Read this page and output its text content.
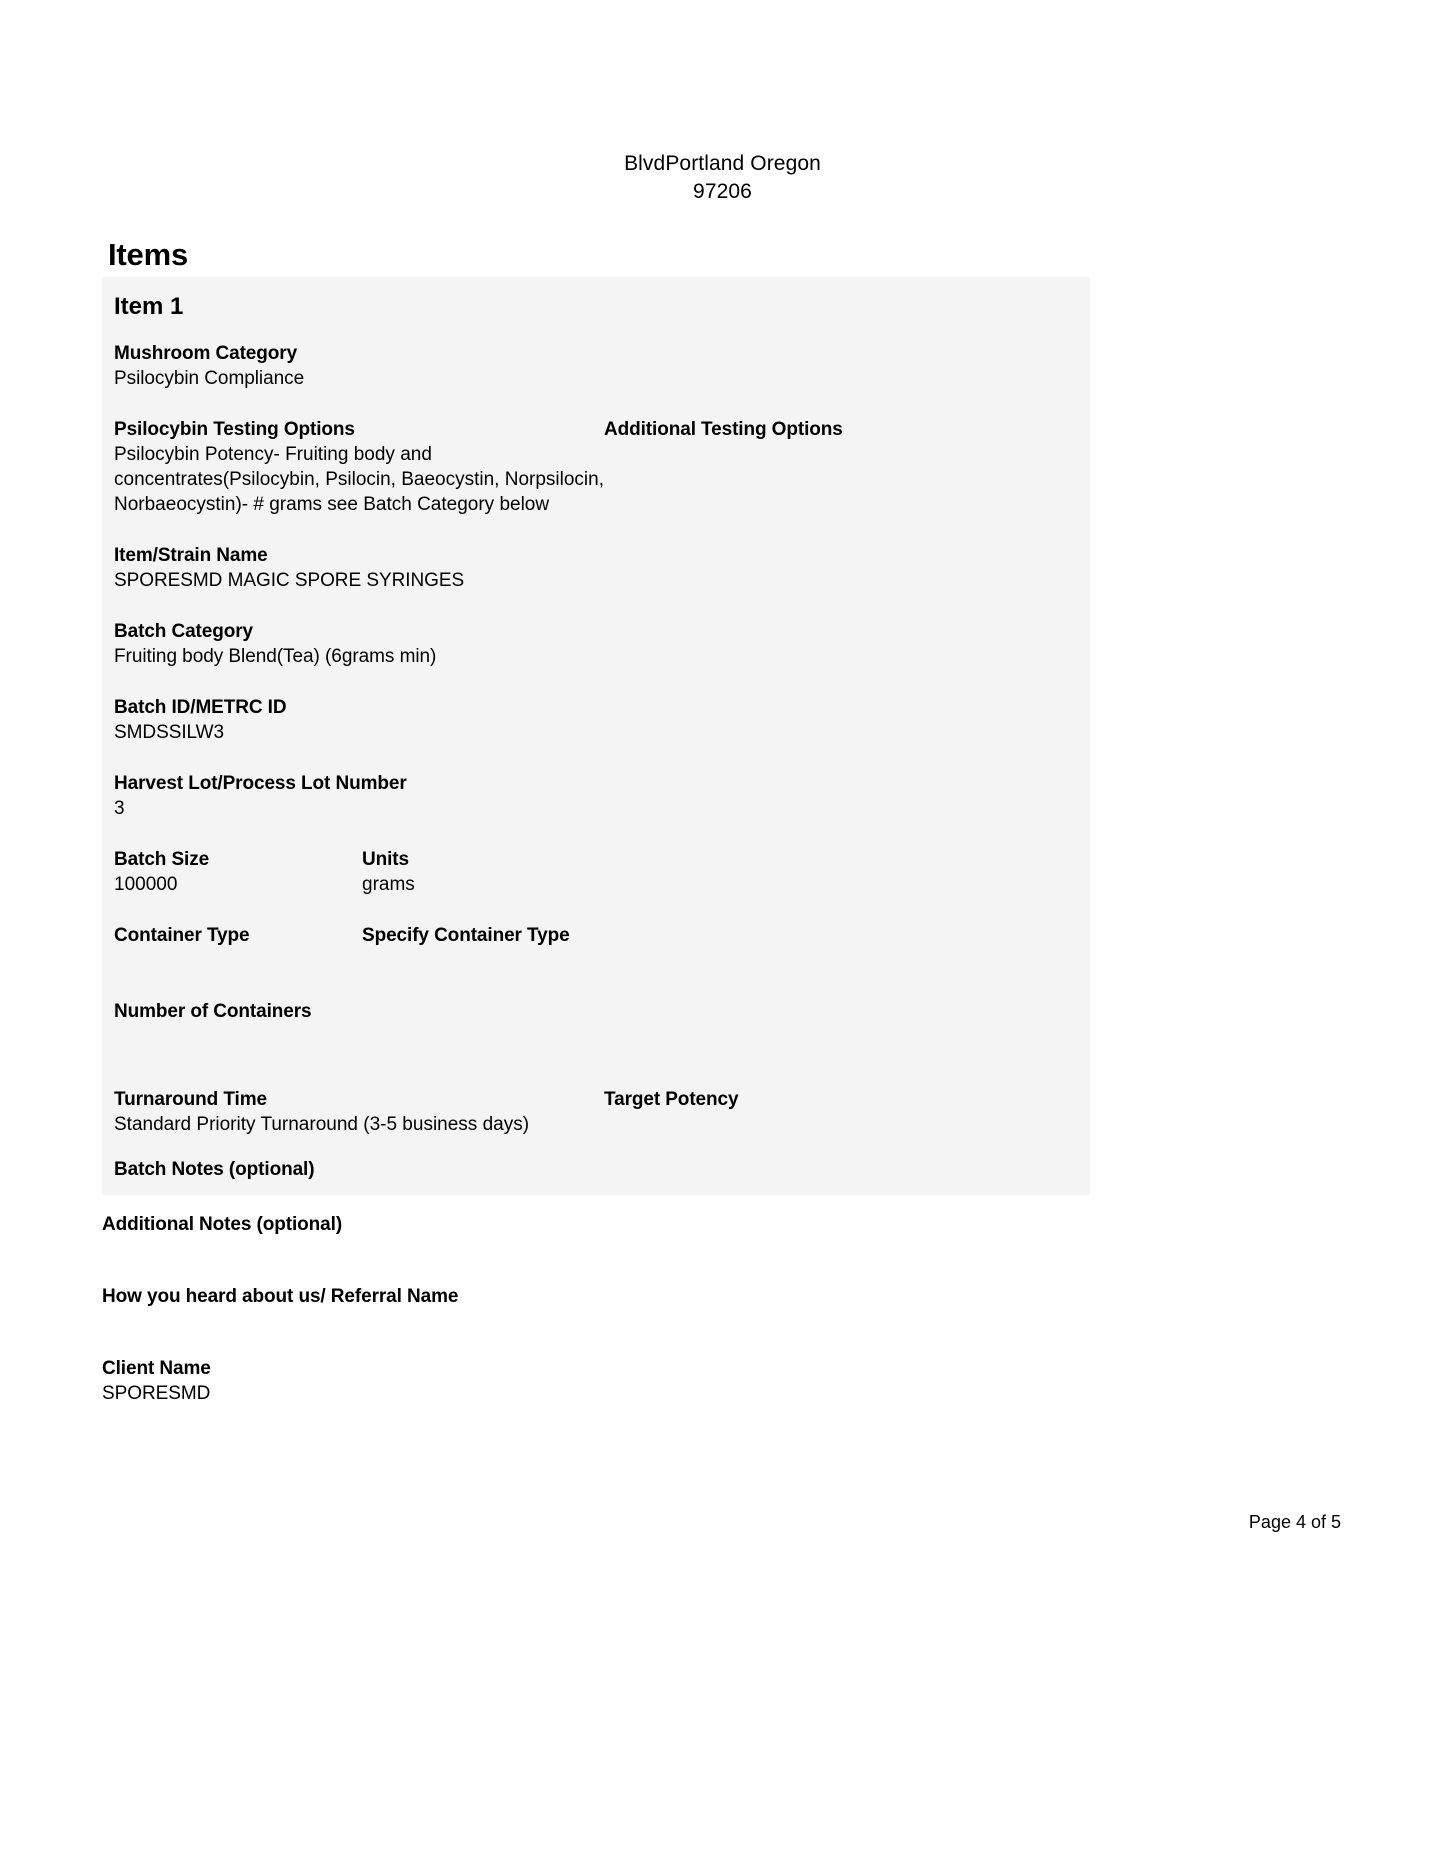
BlvdPortland Oregon
97206
Items
Item 1
Mushroom Category
Psilocybin Compliance
Psilocybin Testing Options
Psilocybin Potency- Fruiting body and concentrates(Psilocybin, Psilocin, Baeocystin, Norpsilocin, Norbaeocystin)- # grams see Batch Category below
Additional Testing Options
Item/Strain Name
SPORESMD MAGIC SPORE SYRINGES
Batch Category
Fruiting body Blend(Tea) (6grams min)
Batch ID/METRC ID
SMDSSILW3
Harvest Lot/Process Lot Number
3
Batch Size
100000
Units
grams
Container Type	Specify Container Type
Number of Containers
Turnaround Time
Standard Priority Turnaround (3-5 business days)
Target Potency
Batch Notes (optional)
Additional Notes (optional)
How you heard about us/ Referral Name
Client Name
SPORESMD
Page 4 of 5
